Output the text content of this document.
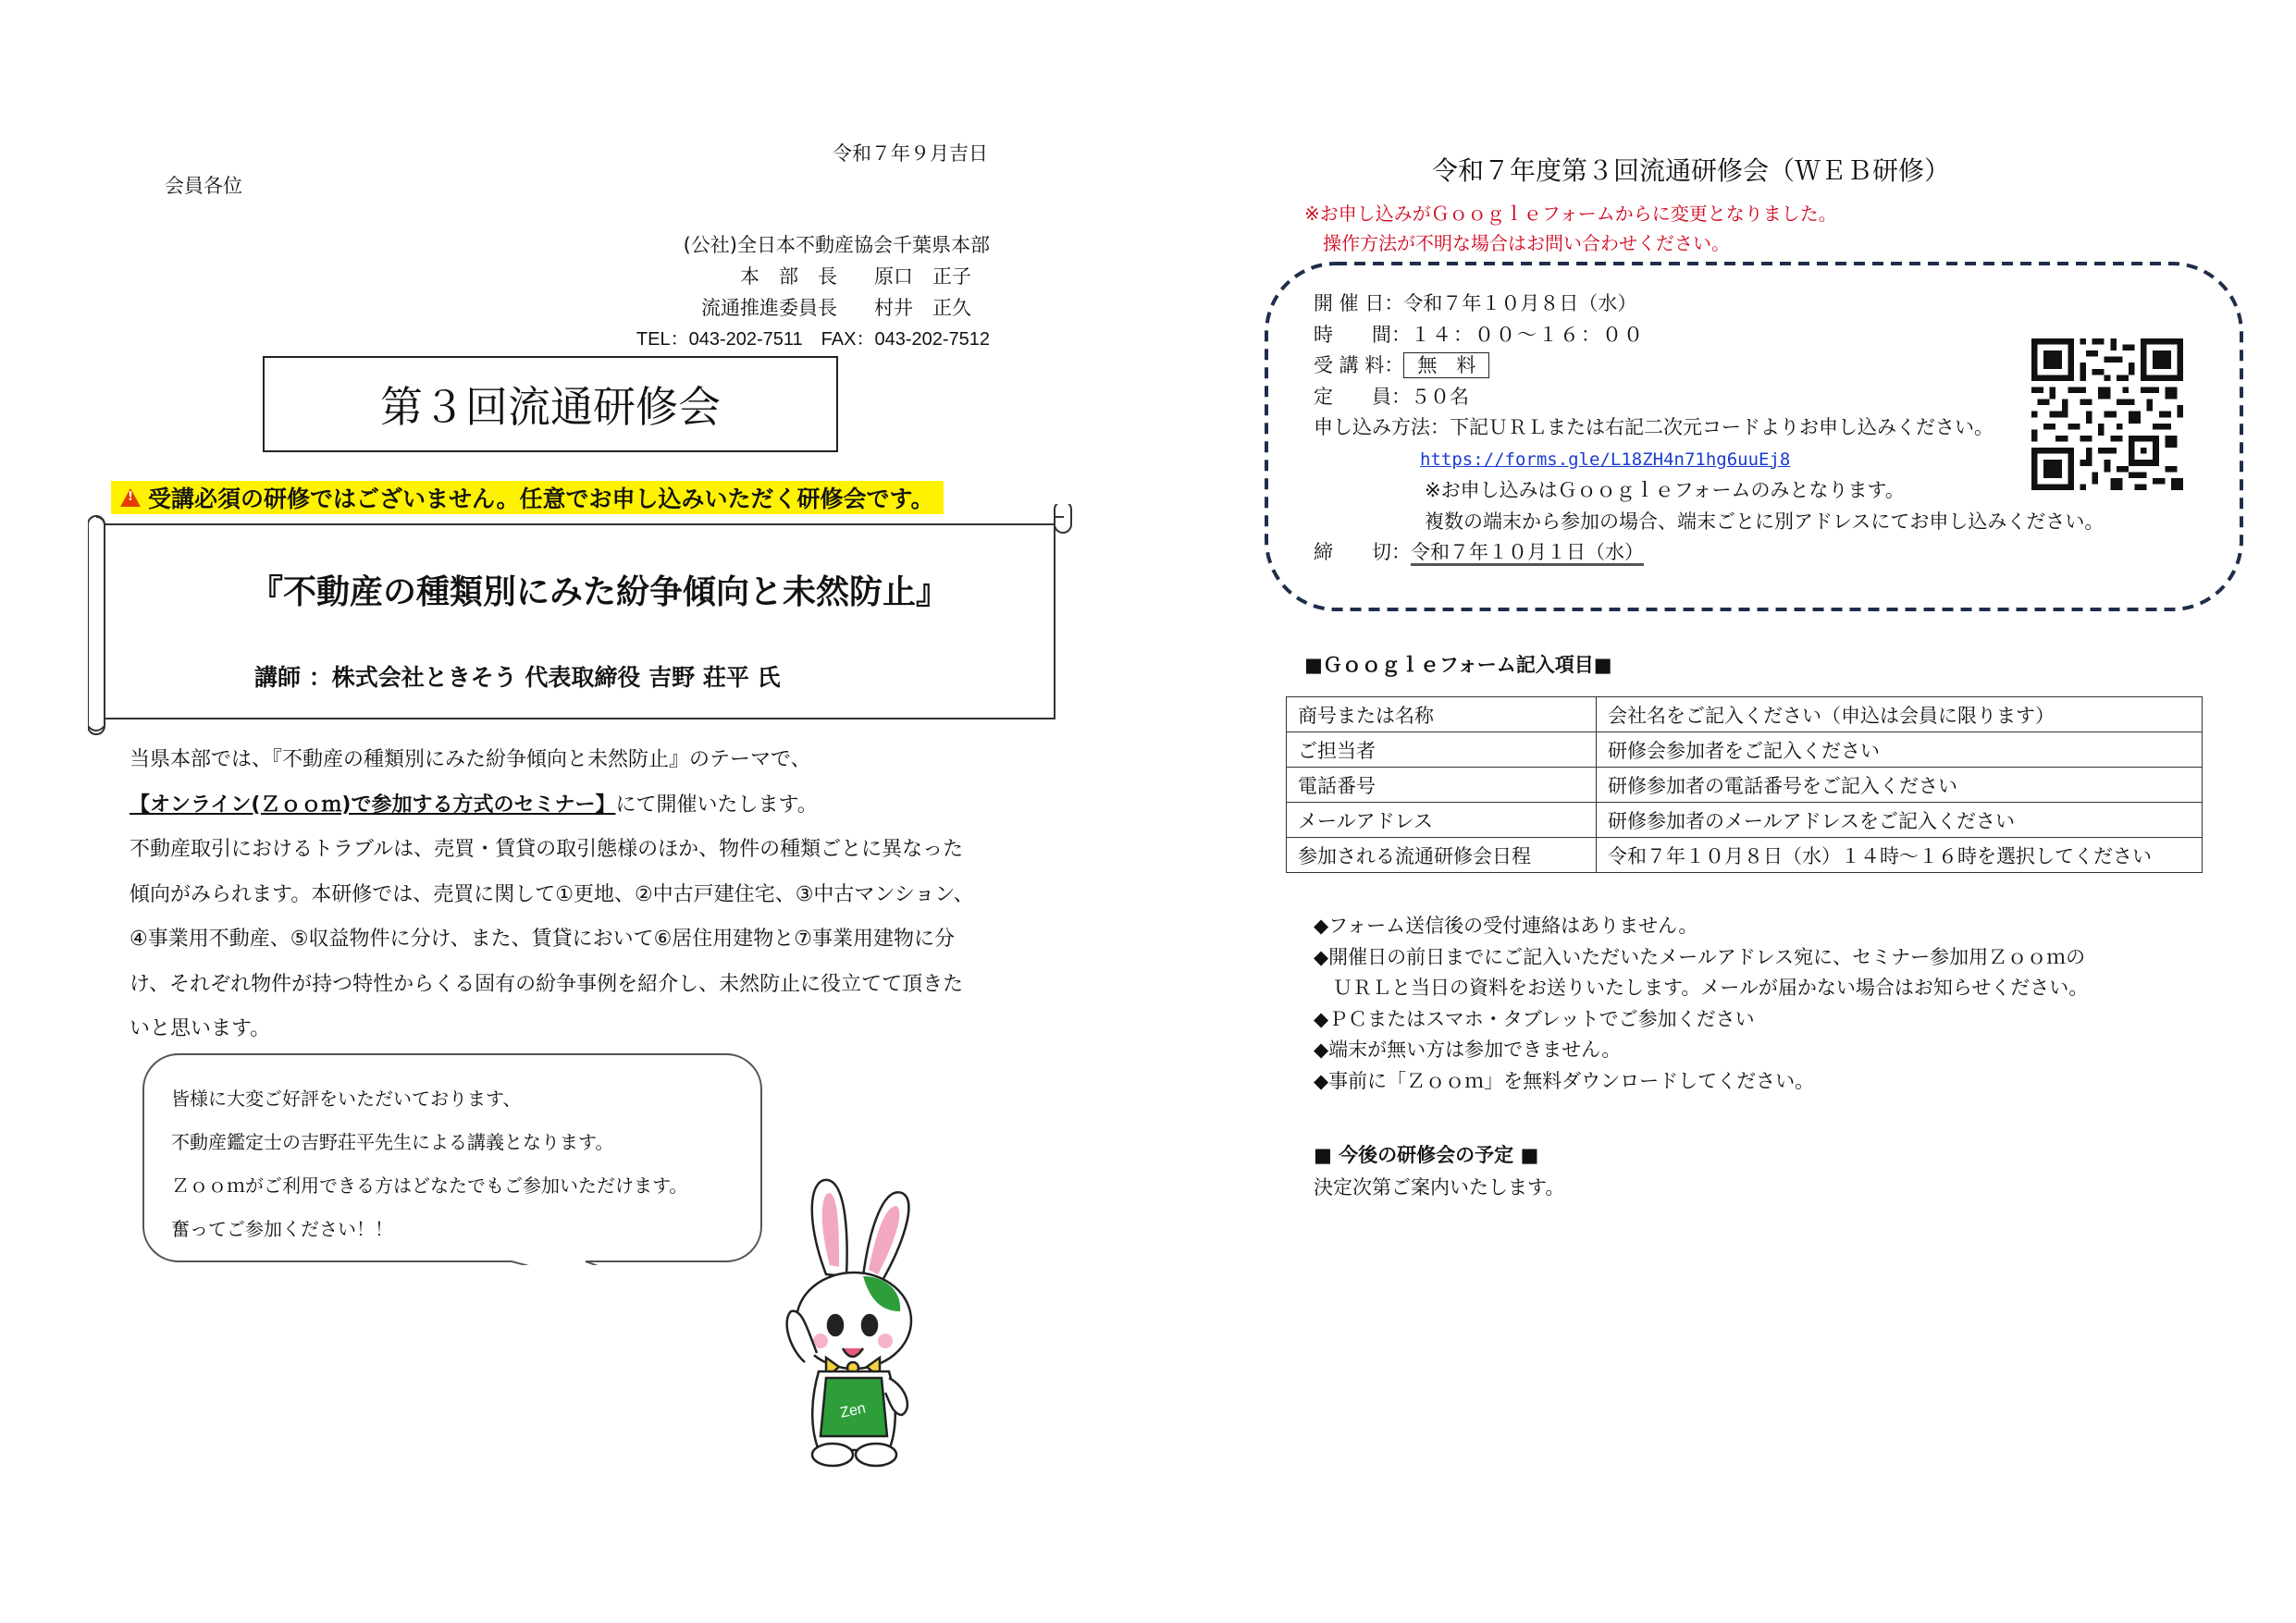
令和７年９月吉日
会員各位
(公社)全日本不動産協会千葉県本部
本　部　長 原口　正子
流通推進委員長 村井　正久
TEL：043-202-7511　FAX：043-202-7512
第３回流通研修会
!
受講必須の研修ではございません。任意でお申し込みいただく研修会です。
『不動産の種類別にみた紛争傾向と未然防止』
講師 ：株式会社ときそう 代表取締役 吉野 荘平 氏
当県本部では、『不動産の種類別にみた紛争傾向と未然防止』のテーマで、
【オンライン(Ｚｏｏｍ)で参加する方式のセミナー】にて開催いたします。
不動産取引におけるトラブルは、売買・賃貸の取引態様のほか、物件の種類ごとに異なった
傾向がみられます。本研修では、売買に関して①更地、②中古戸建住宅、③中古マンション、
④事業用不動産、⑤収益物件に分け、また、賃貸において⑥居住用建物と⑦事業用建物に分
け、それぞれ物件が持つ特性からくる固有の紛争事例を紹介し、未然防止に役立てて頂きた
いと思います。
皆様に大変ご好評をいただいております、
不動産鑑定士の吉野荘平先生による講義となります。
Ｚｏｏｍがご利用できる方はどなたでもご参加いただけます。
奮ってご参加ください！！
Zen
令和７年度第３回流通研修会（ＷＥＢ研修）
※お申し込みがＧｏｏｇｌｅフォームからに変更となりました。
　操作方法が不明な場合はお問い合わせください。
開 催 日：令和７年１０月８日（水）
時　　間：１４：００～１６：００
受 講 料： 無　料
定　　員：５０名
申し込み方法：下記ＵＲＬまたは右記二次元コードよりお申し込みください。
https://forms.gle/L18ZH4n71hg6uuEj8
※お申し込みはＧｏｏｇｌｅフォームのみとなります。
複数の端末から参加の場合、端末ごとに別アドレスにてお申し込みください。
締　　切：令和７年１０月１日（水）
■Ｇｏｏｇｌｅフォーム記入項目■
商号または名称	会社名をご記入ください（申込は会員に限ります）
ご担当者	研修会参加者をご記入ください
電話番号	研修参加者の電話番号をご記入ください
メールアドレス	研修参加者のメールアドレスをご記入ください
参加される流通研修会日程	令和７年１０月８日（水）１４時～１６時を選択してください
◆フォーム送信後の受付連絡はありません。
◆開催日の前日までにご記入いただいたメールアドレス宛に、セミナー参加用Ｚｏｏｍの
　ＵＲＬと当日の資料をお送りいたします。メールが届かない場合はお知らせください。
◆ＰＣまたはスマホ・タブレットでご参加ください
◆端末が無い方は参加できません。
◆事前に「Ｚｏｏｍ」を無料ダウンロードしてください。
■ 今後の研修会の予定 ■
決定次第ご案内いたします。
